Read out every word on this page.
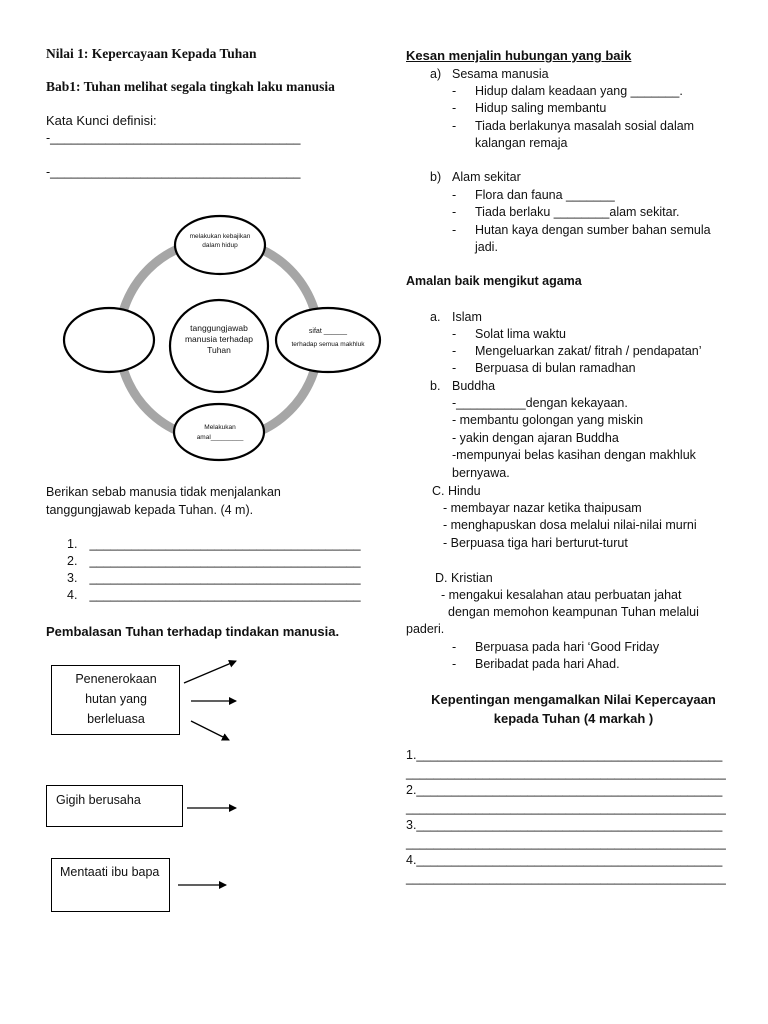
Nilai 1: Kepercayaan Kepada Tuhan
Bab1: Tuhan melihat segala tingkah laku manusia
Kata Kunci definisi:
-____________________________________
-____________________________________
melakukan kebajikan dalam hidup
tanggungjawab manusia terhadap Tuhan
sifat ______
terhadap semua makhluk
Melakukan
amal_________
Berikan sebab manusia tidak menjalankan tanggungjawab kepada Tuhan. (4 m).
1. _______________________________________
2. _______________________________________
3. _______________________________________
4. _______________________________________
Pembalasan Tuhan terhadap tindakan manusia.
Penenerokaan hutan yang berleluasa
Gigih berusaha
Mentaati ibu bapa
Kesan menjalin hubungan yang baik
a) Sesama manusia
- Hidup dalam keadaan yang _______.
- Hidup saling membantu
- Tiada berlakunya masalah sosial dalam
kalangan remaja
b) Alam sekitar
- Flora dan fauna _______
- Tiada berlaku ________alam sekitar.
- Hutan kaya dengan sumber bahan semula
jadi.
Amalan baik mengikut agama
a. Islam
- Solat lima waktu
- Mengeluarkan zakat/ fitrah / pendapatan’
- Berpuasa di bulan ramadhan
b. Buddha
-__________dengan kekayaan.
- membantu golongan yang miskin
- yakin dengan ajaran Buddha
-mempunyai belas kasihan dengan makhluk
bernyawa.
C. Hindu
- membayar nazar ketika thaipusam
- menghapuskan dosa melalui nilai-nilai murni
- Berpuasa tiga hari berturut-turut
D. Kristian
- mengakui kesalahan atau perbuatan jahat
dengan memohon keampunan Tuhan melalui
paderi.
- Berpuasa pada hari ‘Good Friday
- Beribadat pada hari Ahad.
Kepentingan mengamalkan Nilai Kepercayaan
kepada Tuhan (4 markah )
1.____________________________________________
______________________________________________
2.____________________________________________
______________________________________________
3.____________________________________________
______________________________________________
4.____________________________________________
______________________________________________
